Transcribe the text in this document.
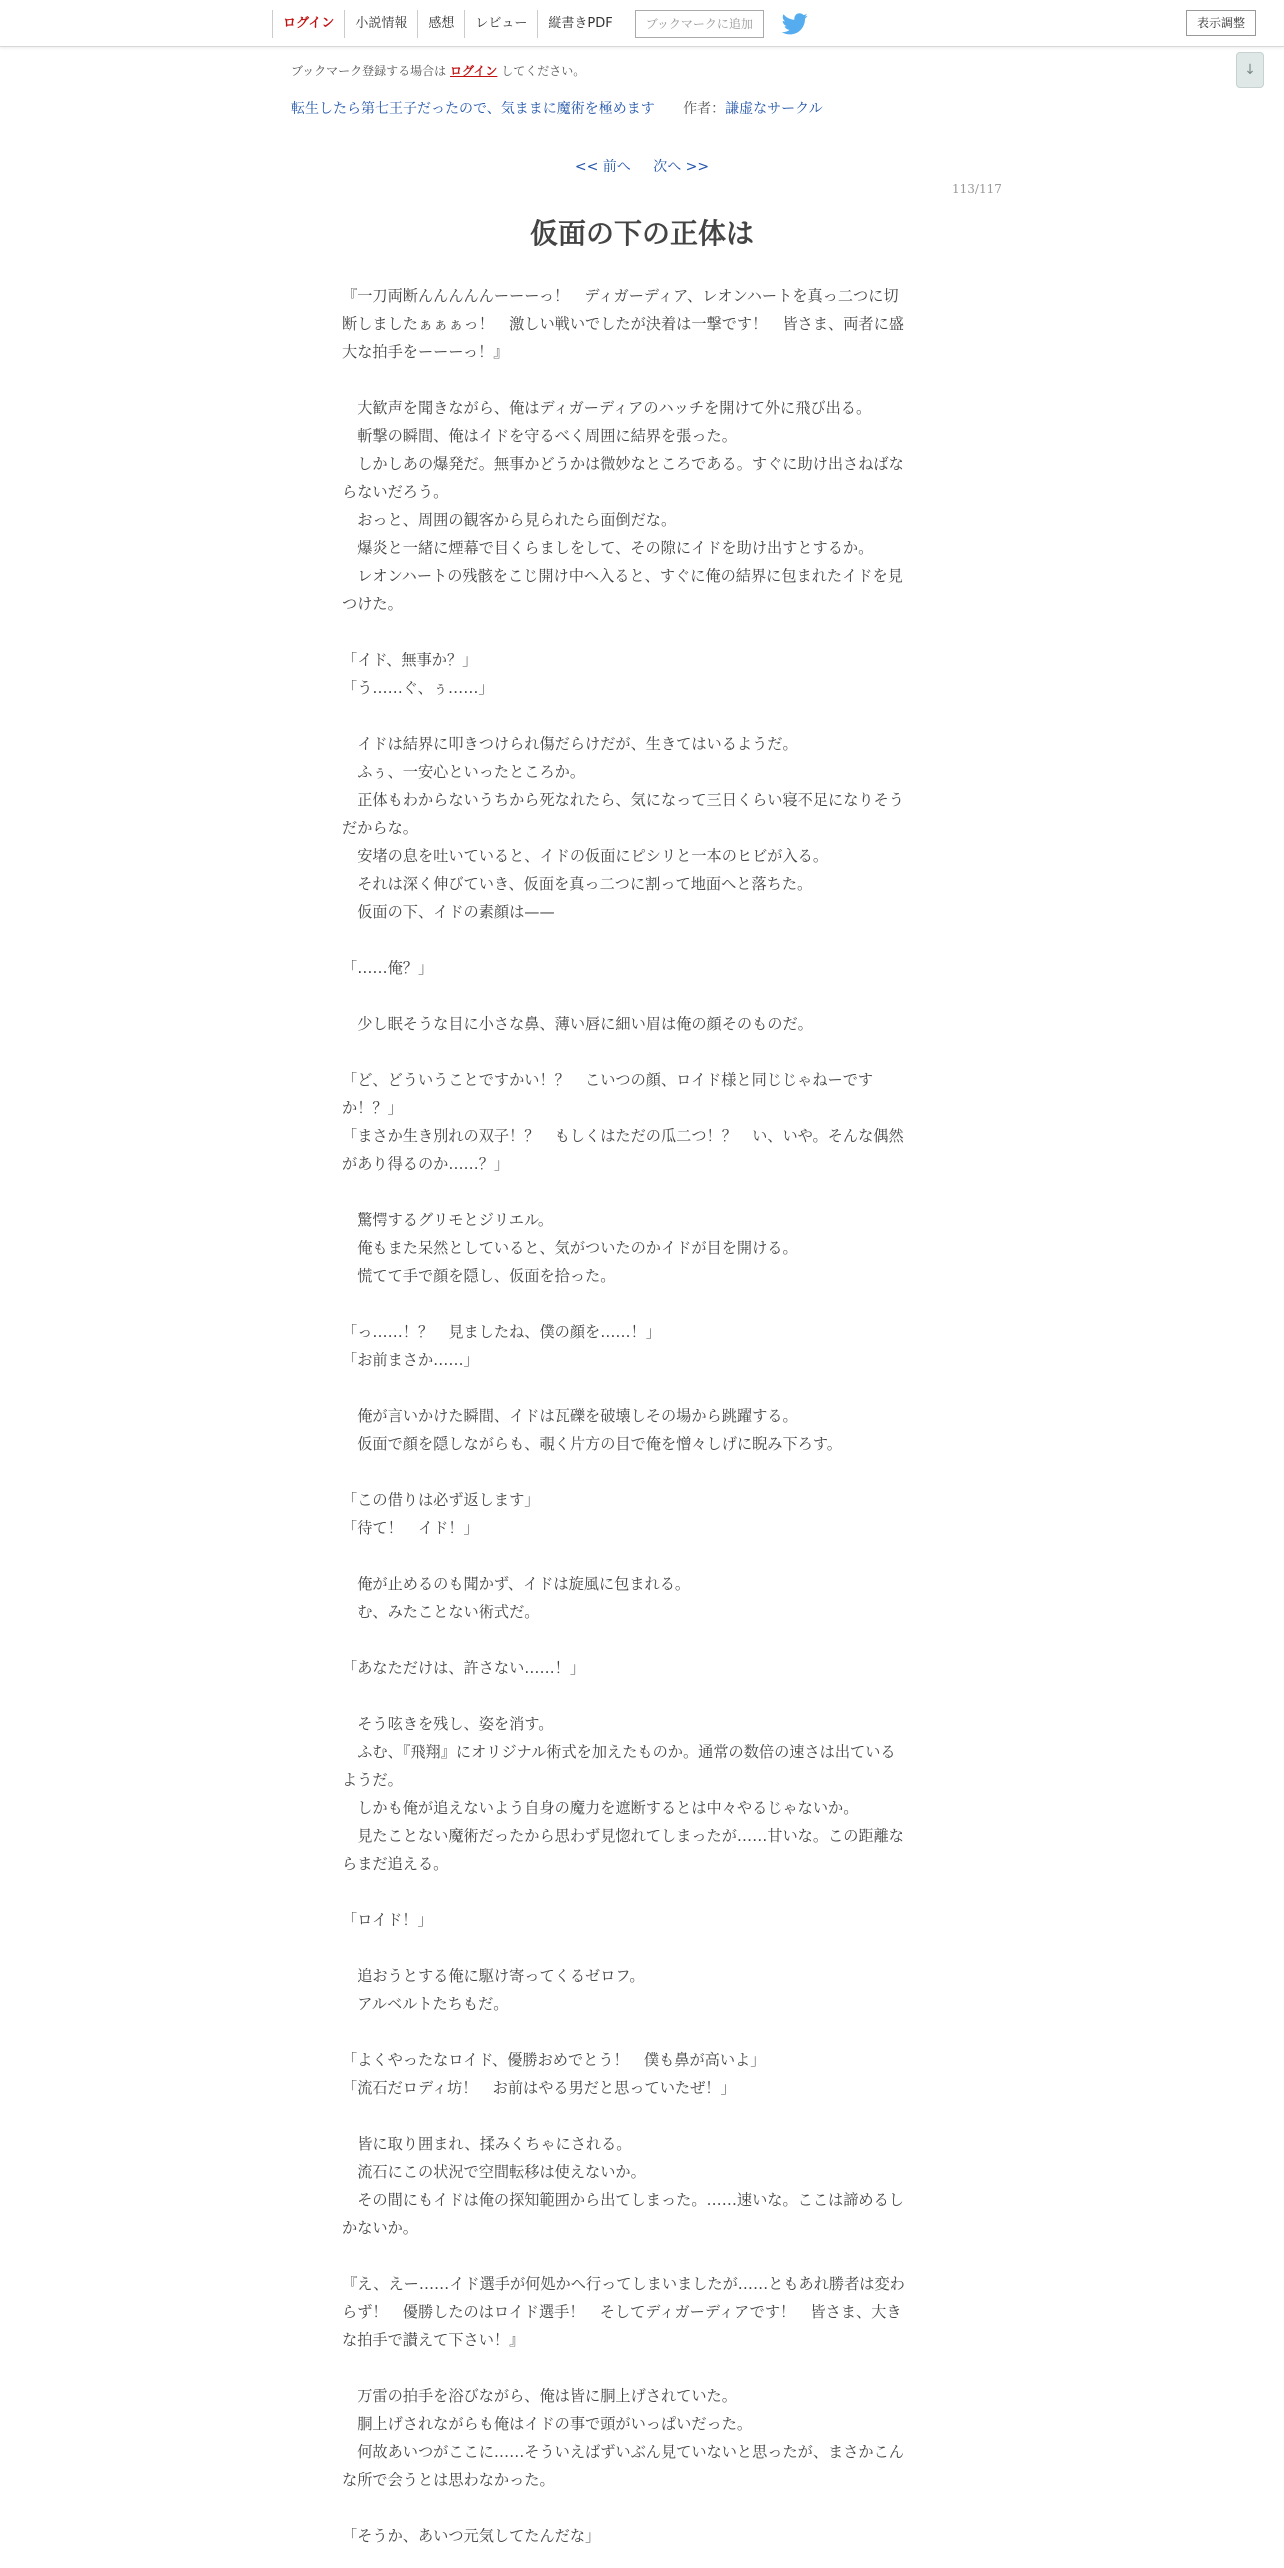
ログイン	小説情報	感想	レビュー	縦書きPDF	ブックマークに追加	表示調整
↓
ブックマーク登録する場合は ログイン してください。
転生したら第七王子だったので、気ままに魔術を極めます 作者：謙虚なサークル
<< 前へ 次へ >>
113/117
仮面の下の正体は

『一刀両断んんんんんーーーっ！　ディガーディア、レオンハートを真っ二つに切

断しましたぁぁぁっ！　激しい戦いでしたが決着は一撃です！　皆さま、両者に盛

大な拍手をーーーっ！』

　大歓声を聞きながら、俺はディガーディアのハッチを開けて外に飛び出る。

　斬撃の瞬間、俺はイドを守るべく周囲に結界を張った。

　しかしあの爆発だ。無事かどうかは微妙なところである。すぐに助け出さねばな

らないだろう。

　おっと、周囲の観客から見られたら面倒だな。

　爆炎と一緒に煙幕で目くらましをして、その隙にイドを助け出すとするか。

　レオンハートの残骸をこじ開け中へ入ると、すぐに俺の結界に包まれたイドを見

つけた。

「イド、無事か？」

「う……ぐ、ぅ……」

　イドは結界に叩きつけられ傷だらけだが、生きてはいるようだ。

　ふぅ、一安心といったところか。

　正体もわからないうちから死なれたら、気になって三日くらい寝不足になりそう

だからな。

　安堵の息を吐いていると、イドの仮面にピシリと一本のヒビが入る。

　それは深く伸びていき、仮面を真っ二つに割って地面へと落ちた。

　仮面の下、イドの素顔は——

「……俺？」

　少し眠そうな目に小さな鼻、薄い唇に細い眉は俺の顔そのものだ。

「ど、どういうことですかい！？　こいつの顔、ロイド様と同じじゃねーです

か！？」

「まさか生き別れの双子！？　もしくはただの瓜二つ！？　い、いや。そんな偶然

があり得るのか……？」

　驚愕するグリモとジリエル。

　俺もまた呆然としていると、気がついたのかイドが目を開ける。

　慌てて手で顔を隠し、仮面を拾った。

「っ……！？　見ましたね、僕の顔を……！」

「お前まさか……」

　俺が言いかけた瞬間、イドは瓦礫を破壊しその場から跳躍する。

　仮面で顔を隠しながらも、覗く片方の目で俺を憎々しげに睨み下ろす。

「この借りは必ず返します」

「待て！　イド！」

　俺が止めるのも聞かず、イドは旋風に包まれる。

　む、みたことない術式だ。

「あなただけは、許さない……！」

　そう呟きを残し、姿を消す。

　ふむ、『飛翔』にオリジナル術式を加えたものか。通常の数倍の速さは出ている

ようだ。

　しかも俺が追えないよう自身の魔力を遮断するとは中々やるじゃないか。

　見たことない魔術だったから思わず見惚れてしまったが……甘いな。この距離な

らまだ追える。

「ロイド！」

　追おうとする俺に駆け寄ってくるゼロフ。

　アルベルトたちもだ。

「よくやったなロイド、優勝おめでとう！　僕も鼻が高いよ」

「流石だロディ坊！　お前はやる男だと思っていたぜ！」

　皆に取り囲まれ、揉みくちゃにされる。

　流石にこの状況で空間転移は使えないか。

　その間にもイドは俺の探知範囲から出てしまった。……速いな。ここは諦めるし

かないか。

『え、えー……イド選手が何処かへ行ってしまいましたが……ともあれ勝者は変わ

らず！　優勝したのはロイド選手！　そしてディガーディアです！　皆さま、大き

な拍手で讃えて下さい！』

　万雷の拍手を浴びながら、俺は皆に胴上げされていた。

　胴上げされながらも俺はイドの事で頭がいっぱいだった。

　何故あいつがここに……そういえばずいぶん見ていないと思ったが、まさかこん

な所で会うとは思わなかった。

「そうか、あいつ元気してたんだな」
